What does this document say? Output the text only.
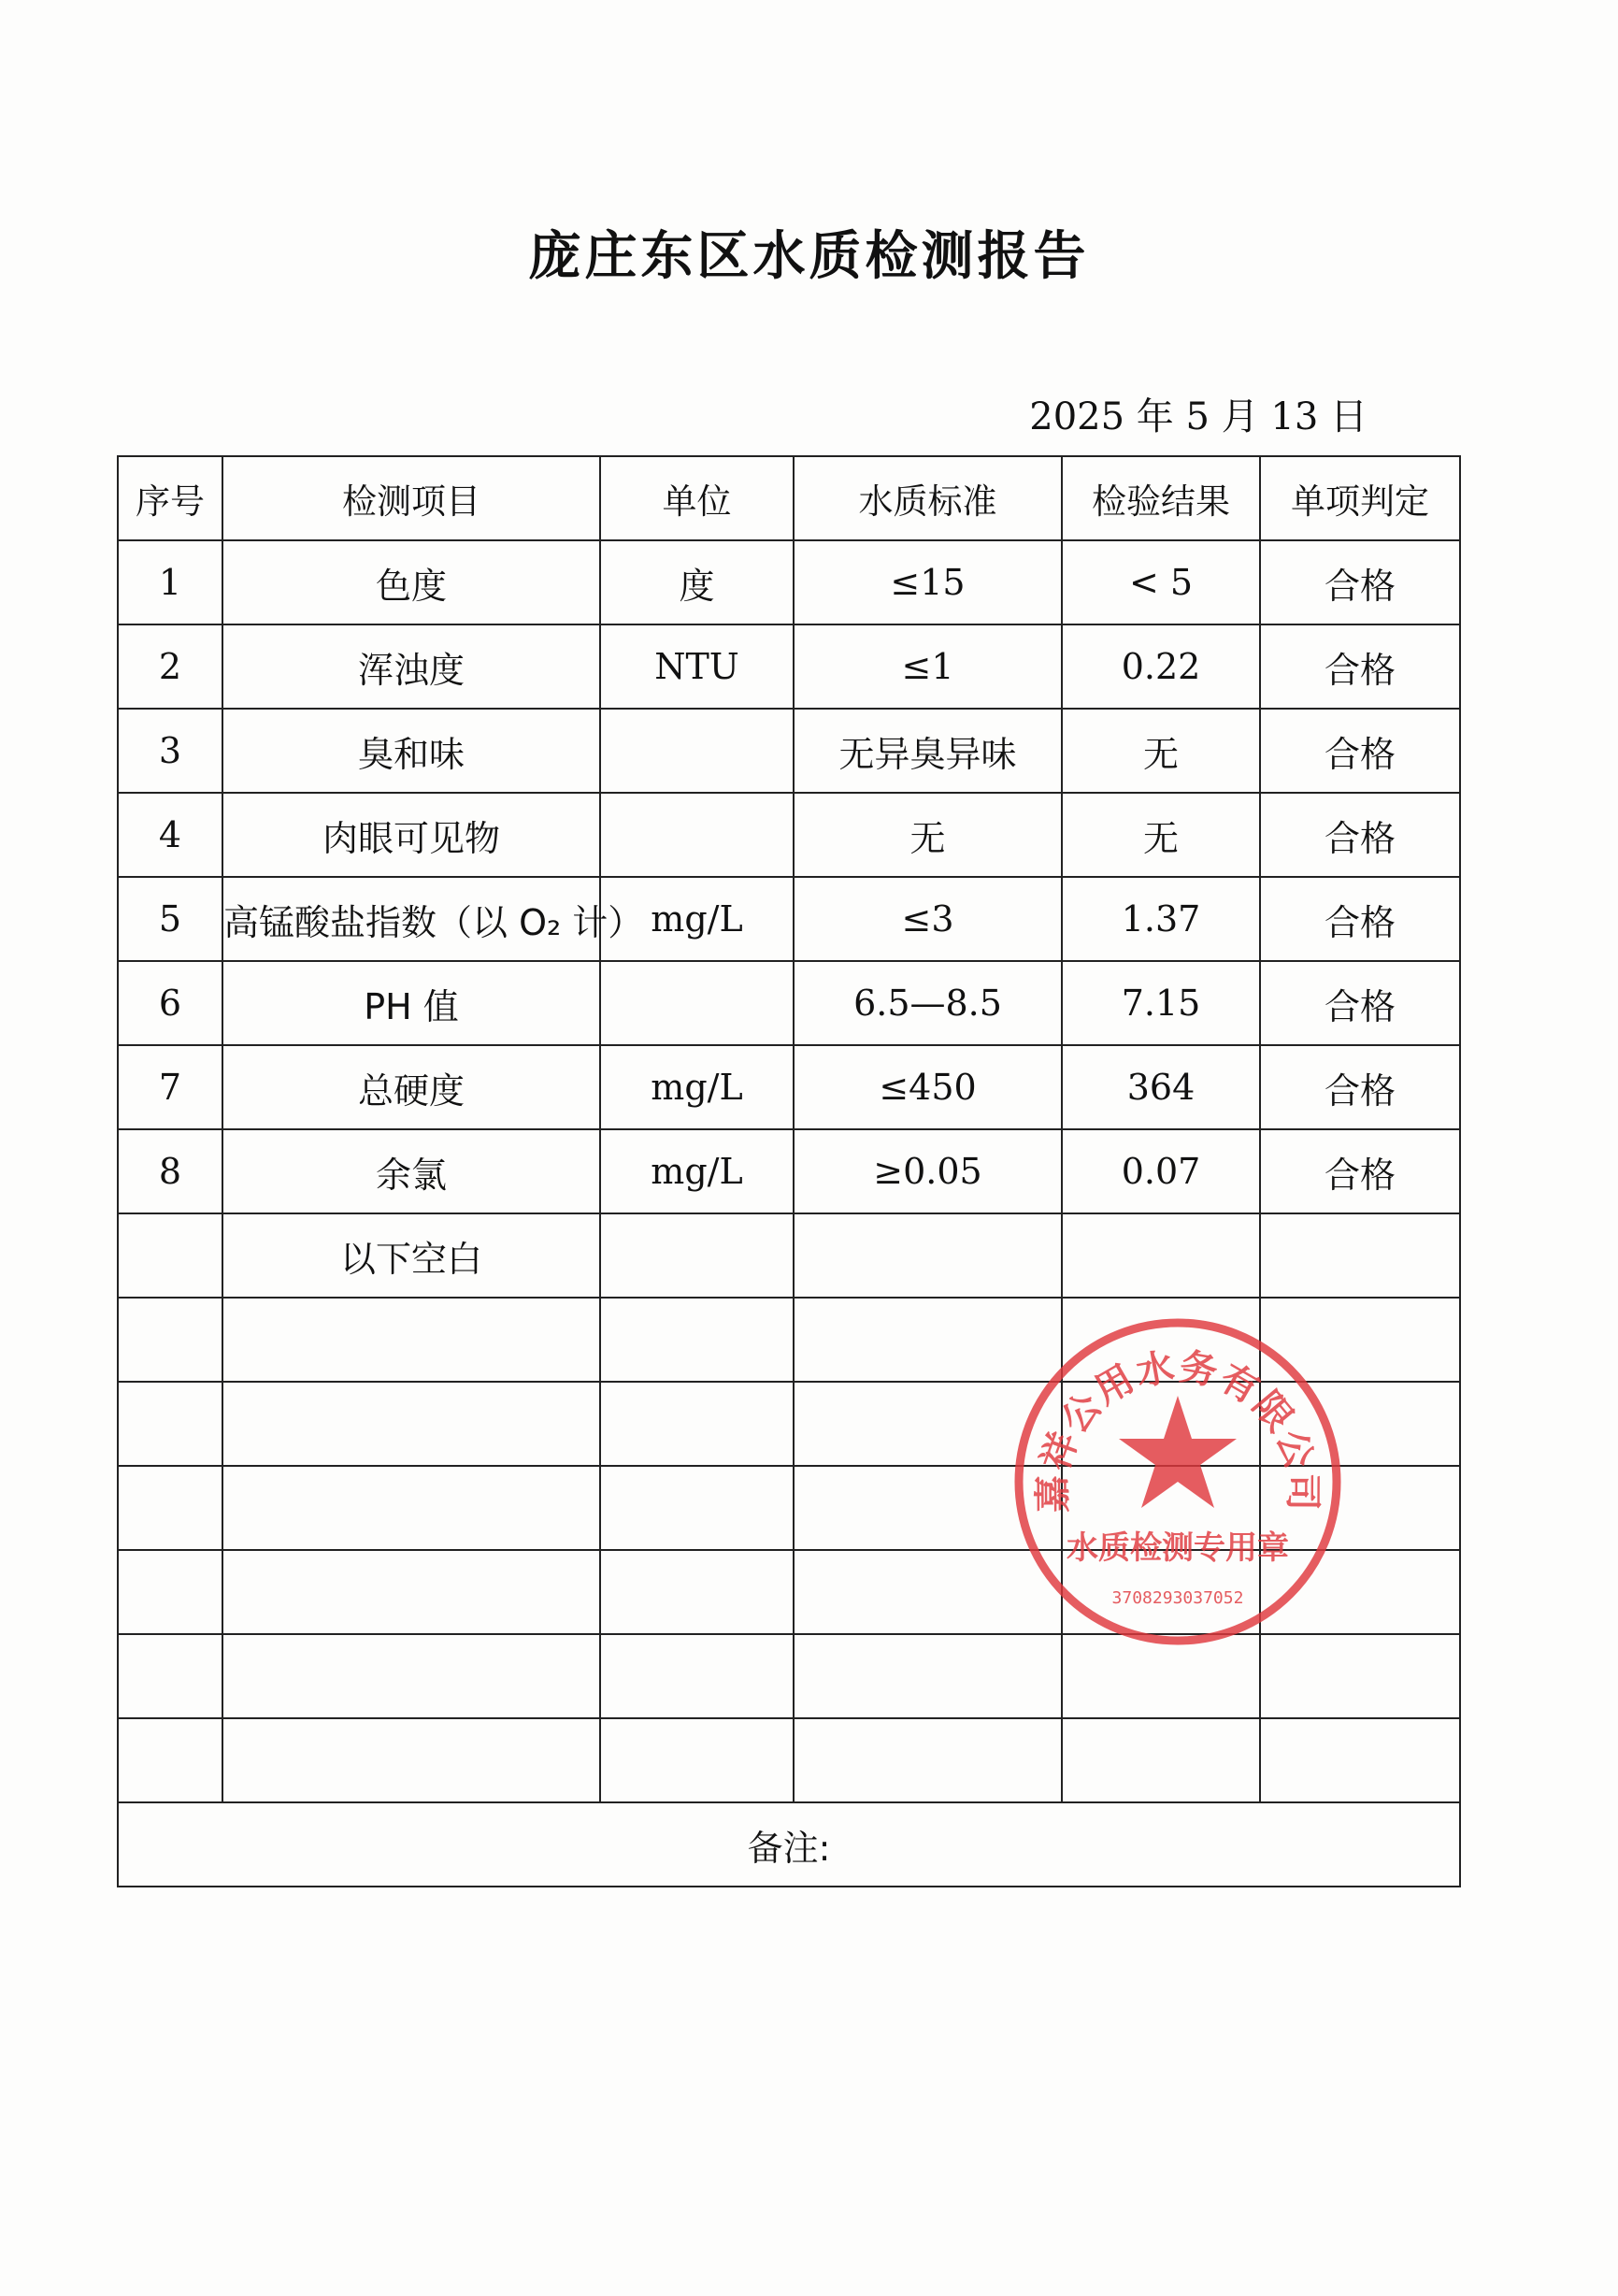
庞庄东区水质检测报告
2025 年 5 月 13 日
序号	检测项目	单位	水质标准	检验结果	单项判定
1	色度	度	≤15	< 5	合格
2	浑浊度	NTU	≤1	0.22	合格
3	臭和味		无异臭异味	无	合格
4	肉眼可见物		无	无	合格
5	高锰酸盐指数（以 O₂ 计）	mg/L	≤3	1.37	合格
6	PH 值		6.5—8.5	7.15	合格
7	总硬度	mg/L	≤450	364	合格
8	余氯	mg/L	≥0.05	0.07	合格
	以下空白				

备注:					
嘉祥公用水务有限公司
水质检测专用章
3708293037052
